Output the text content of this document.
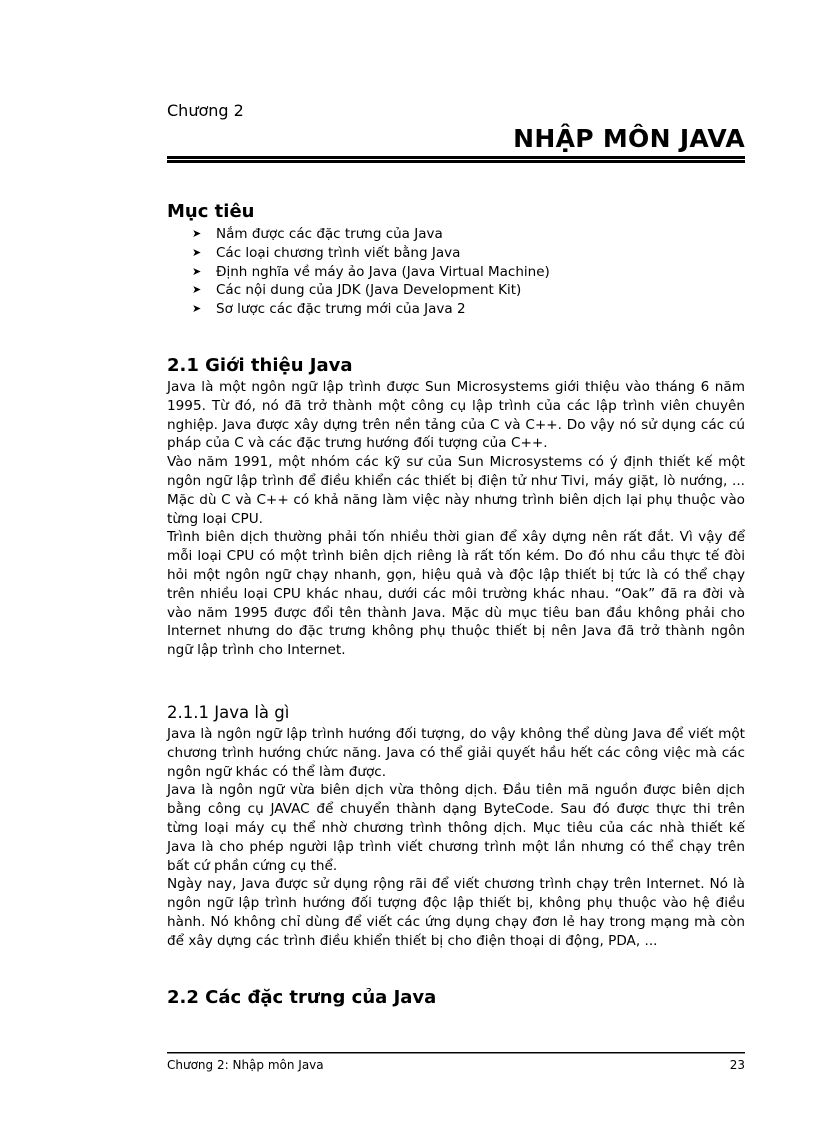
Chương 2
NHẬP MÔN JAVA
Mục tiêu
➤ Nắm được các đặc trưng của Java
➤ Các loại chương trình viết bằng Java
➤ Định nghĩa về máy ảo Java (Java Virtual Machine)
➤ Các nội dung của JDK (Java Development Kit)
➤ Sơ lược các đặc trưng mới của Java 2
2.1 Giới thiệu Java

Java là một ngôn ngữ lập trình được Sun Microsystems giới thiệu vào tháng 6 năm 1995. Từ đó, nó đã trở thành một công cụ lập trình của các lập trình viên chuyên nghiệp. Java được xây dựng trên nền tảng của C và C++. Do vậy nó sử dụng các cú pháp của C và các đặc trưng hướng đối tượng của C++.

Vào năm 1991, một nhóm các kỹ sư của Sun Microsystems có ý định thiết kế một ngôn ngữ lập trình để điều khiển các thiết bị điện tử như Tivi, máy giặt, lò nướng, ... Mặc dù C và C++ có khả năng làm việc này nhưng trình biên dịch lại phụ thuộc vào từng loại CPU.

Trình biên dịch thường phải tốn nhiều thời gian để xây dựng nên rất đắt. Vì vậy để mỗi loại CPU có một trình biên dịch riêng là rất tốn kém. Do đó nhu cầu thực tế đòi hỏi một ngôn ngữ chạy nhanh, gọn, hiệu quả và độc lập thiết bị tức là có thể chạy trên nhiều loại CPU khác nhau, dưới các môi trường khác nhau. “Oak” đã ra đời và vào năm 1995 được đổi tên thành Java. Mặc dù mục tiêu ban đầu không phải cho Internet nhưng do đặc trưng không phụ thuộc thiết bị nên Java đã trở thành ngôn ngữ lập trình cho Internet.

2.1.1 Java là gì

Java là ngôn ngữ lập trình hướng đối tượng, do vậy không thể dùng Java để viết một chương trình hướng chức năng. Java có thể giải quyết hầu hết các công việc mà các ngôn ngữ khác có thể làm được.

Java là ngôn ngữ vừa biên dịch vừa thông dịch. Đầu tiên mã nguồn được biên dịch bằng công cụ JAVAC để chuyển thành dạng ByteCode. Sau đó được thực thi trên từng loại máy cụ thể nhờ chương trình thông dịch. Mục tiêu của các nhà thiết kế Java là cho phép người lập trình viết chương trình một lần nhưng có thể chạy trên bất cứ phần cứng cụ thể.

Ngày nay, Java được sử dụng rộng rãi để viết chương trình chạy trên Internet. Nó là ngôn ngữ lập trình hướng đối tượng độc lập thiết bị, không phụ thuộc vào hệ điều hành. Nó không chỉ dùng để viết các ứng dụng chạy đơn lẻ hay trong mạng mà còn để xây dựng các trình điều khiển thiết bị cho điện thoại di động, PDA, ...

2.2 Các đặc trưng của Java
Chương 2: Nhập môn Java	23
